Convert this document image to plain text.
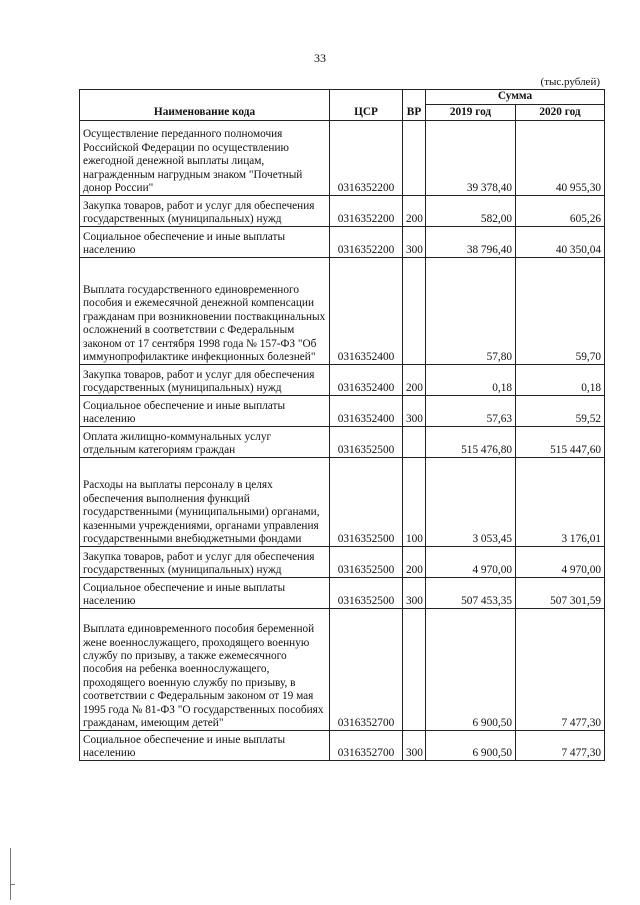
33
(тыс.рублей)
Наименование кода	ЦСР	ВР	Сумма	
			2019 год	2020 год
Осуществление переданного полномочия Российской Федерации по осуществлению ежегодной денежной выплаты лицам, награжденным нагрудным знаком "Почетный донор России"	0316352200		39 378,40	40 955,30
Закупка товаров, работ и услуг для обеспечения государственных (муниципальных) нужд	0316352200	200	582,00	605,26
Социальное обеспечение и иные выплаты населению	0316352200	300	38 796,40	40 350,04
Выплата государственного единовременного пособия и ежемесячной денежной компенсации гражданам при возникновении поствакцинальных осложнений в соответствии с Федеральным законом от 17 сентября 1998 года № 157-ФЗ "Об иммунопрофилактике инфекционных болезней"	0316352400		57,80	59,70
Закупка товаров, работ и услуг для обеспечения государственных (муниципальных) нужд	0316352400	200	0,18	0,18
Социальное обеспечение и иные выплаты населению	0316352400	300	57,63	59,52
Оплата жилищно-коммунальных услуг отдельным категориям граждан	0316352500		515 476,80	515 447,60
Расходы на выплаты персоналу в целях обеспечения выполнения функций государственными (муниципальными) органами, казенными учреждениями, органами управления государственными внебюджетными фондами	0316352500	100	3 053,45	3 176,01
Закупка товаров, работ и услуг для обеспечения государственных (муниципальных) нужд	0316352500	200	4 970,00	4 970,00
Социальное обеспечение и иные выплаты населению	0316352500	300	507 453,35	507 301,59
Выплата единовременного пособия беременной жене военнослужащего, проходящего военную службу по призыву, а также ежемесячного пособия на ребенка военнослужащего, проходящего военную службу по призыву, в соответствии с Федеральным законом от 19 мая 1995 года № 81-ФЗ "О государственных пособиях гражданам, имеющим детей"	0316352700		6 900,50	7 477,30
Социальное обеспечение и иные выплаты населению	0316352700	300	6 900,50	7 477,30
